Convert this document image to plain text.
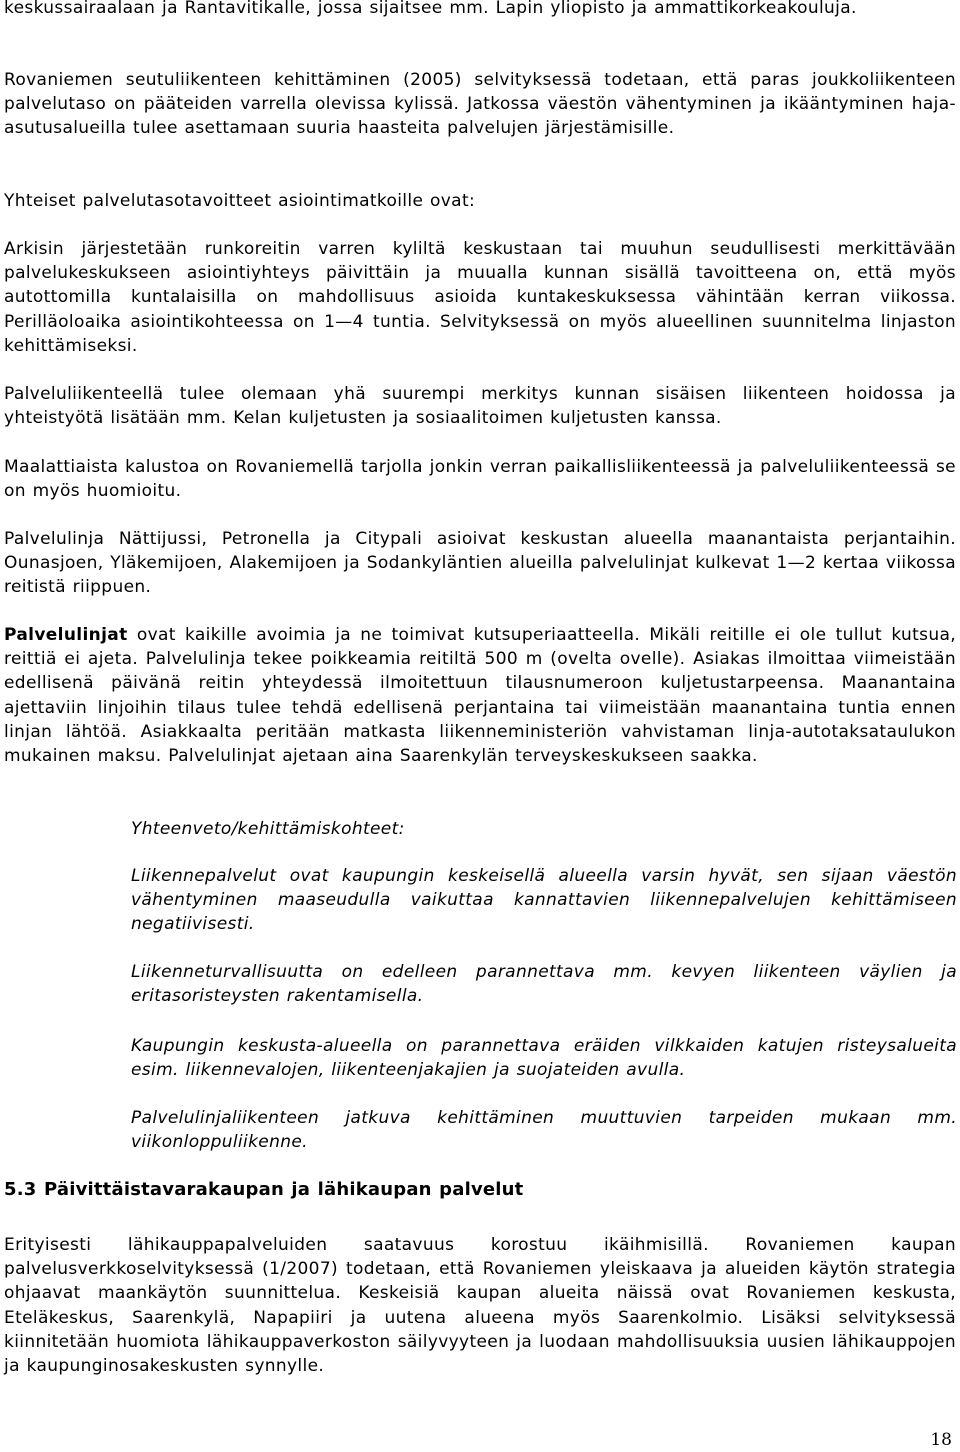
keskussairaalaan ja Rantavitikalle, jossa sijaitsee mm. Lapin yliopisto ja ammattikorkeakouluja.

Rovaniemen seutuliikenteen kehittäminen (2005) selvityksessä todetaan, että paras joukkoliikenteen palvelutaso on pääteiden varrella olevissa kylissä. Jatkossa väestön vähentyminen ja ikääntyminen haja-asutusalueilla tulee asettamaan suuria haasteita palvelujen järjestämisille.

Yhteiset palvelutasotavoitteet asiointimatkoille ovat:

Arkisin järjestetään runkoreitin varren kyliltä keskustaan tai muuhun seudullisesti merkittävään palvelukeskukseen asiointiyhteys päivittäin ja muualla kunnan sisällä tavoitteena on, että myös autottomilla kuntalaisilla on mahdollisuus asioida kuntakeskuksessa vähintään kerran viikossa. Perilläoloaika asiointikohteessa on 1—4 tuntia. Selvityksessä on myös alueellinen suunnitelma linjaston kehittämiseksi.

Palveluliikenteellä tulee olemaan yhä suurempi merkitys kunnan sisäisen liikenteen hoidossa ja yhteistyötä lisätään mm. Kelan kuljetusten ja sosiaalitoimen kuljetusten kanssa.

Maalattiaista kalustoa on Rovaniemellä tarjolla jonkin verran paikallisliikenteessä ja palveluliikenteessä se on myös huomioitu.

Palvelulinja Nättijussi, Petronella ja Citypali asioivat keskustan alueella maanantaista perjantaihin. Ounasjoen, Yläkemijoen, Alakemijoen ja Sodankyläntien alueilla palvelulinjat kulkevat 1—2 kertaa viikossa reitistä riippuen.

Palvelulinjat ovat kaikille avoimia ja ne toimivat kutsuperiaatteella. Mikäli reitille ei ole tullut kutsua, reittiä ei ajeta. Palvelulinja tekee poikkeamia reitiltä 500 m (ovelta ovelle). Asiakas ilmoittaa viimeistään edellisenä päivänä reitin yhteydessä ilmoitettuun tilausnumeroon kuljetustarpeensa. Maanantaina ajettaviin linjoihin tilaus tulee tehdä edellisenä perjantaina tai viimeistään maanantaina tuntia ennen linjan lähtöä. Asiakkaalta peritään matkasta liikenneministeriön vahvistaman linja-autotaksataulukon mukainen maksu. Palvelulinjat ajetaan aina Saarenkylän terveyskeskukseen saakka.

Yhteenveto/kehittämiskohteet:

Liikennepalvelut ovat kaupungin keskeisellä alueella varsin hyvät, sen sijaan väestön vähentyminen maaseudulla vaikuttaa kannattavien liikennepalvelujen kehittämiseen negatiivisesti.

Liikenneturvallisuutta on edelleen parannettava mm. kevyen liikenteen väylien ja eritasoristeysten rakentamisella.

Kaupungin keskusta-alueella on parannettava eräiden vilkkaiden katujen risteysalueita esim. liikennevalojen, liikenteenjakajien ja suojateiden avulla.

Palvelulinjaliikenteen jatkuva kehittäminen muuttuvien tarpeiden mukaan mm. viikonloppuliikenne.

5.3 Päivittäistavarakaupan ja lähikaupan palvelut

Erityisesti lähikauppapalveluiden saatavuus korostuu ikäihmisillä. Rovaniemen kaupan palvelusverkkoselvityksessä (1/2007) todetaan, että Rovaniemen yleiskaava ja alueiden käytön strategia ohjaavat maankäytön suunnittelua. Keskeisiä kaupan alueita näissä ovat Rovaniemen keskusta, Eteläkeskus, Saarenkylä, Napapiiri ja uutena alueena myös Saarenkolmio. Lisäksi selvityksessä kiinnitetään huomiota lähikauppaverkoston säilyvyyteen ja luodaan mahdollisuuksia uusien lähikauppojen ja kaupunginosakeskusten synnylle.

18
